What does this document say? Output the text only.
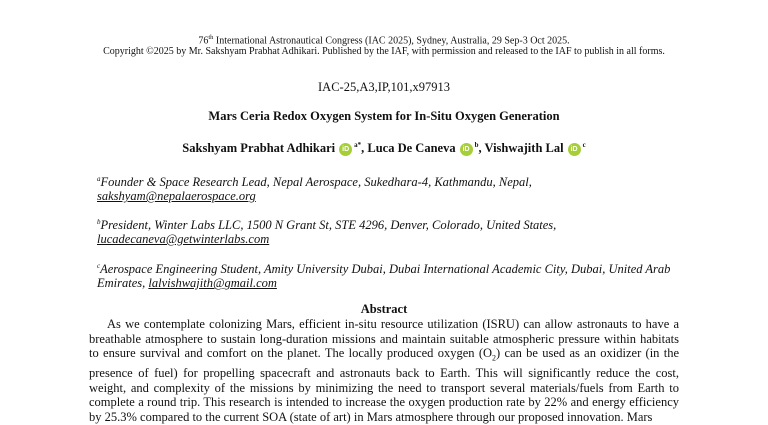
76th International Astronautical Congress (IAC 2025), Sydney, Australia, 29 Sep-3 Oct 2025.
Copyright ©2025 by Mr. Sakshyam Prabhat Adhikari. Published by the IAF, with permission and released to the IAF to publish in all forms.
IAC-25,A3,IP,101,x97913
Mars Ceria Redox Oxygen System for In-Situ Oxygen Generation
Sakshyam Prabhat Adhikari $iD^{a*}$, Luca De Caneva $iD^b$, Vishwajith Lal $iD^c$
$^a$Founder & Space Research Lead, Nepal Aerospace, Sukedhara-4, Kathmandu, Nepal,
sakshyam@nepalaerospace.org
$^b$President, Winter Labs LLC, 1500 N Grant St, STE 4296, Denver, Colorado, United States,
lucadecaneva@getwinterlabs.com
$^c$Aerospace Engineering Student, Amity University Dubai, Dubai International Academic City, Dubai, United Arab
Emirates, lalvishwajith@gmail.com
Abstract

As we contemplate colonizing Mars, efficient in-situ resource utilization (ISRU) can allow astronauts to have a breathable atmosphere to sustain long-duration missions and maintain suitable atmospheric pressure within habitats to ensure survival and comfort on the planet. The locally produced oxygen $(O_2)$ can be used as an oxidizer (in the presence of fuel) for propelling spacecraft and astronauts back to Earth. This will significantly reduce the cost, weight, and complexity of the missions by minimizing the need to transport several materials/fuels from Earth to complete a round trip. This research is intended to increase the oxygen production rate by 22% and energy efficiency by 25.3% compared to the current SOA (state of art) in Mars atmosphere through our proposed innovation. Mars
